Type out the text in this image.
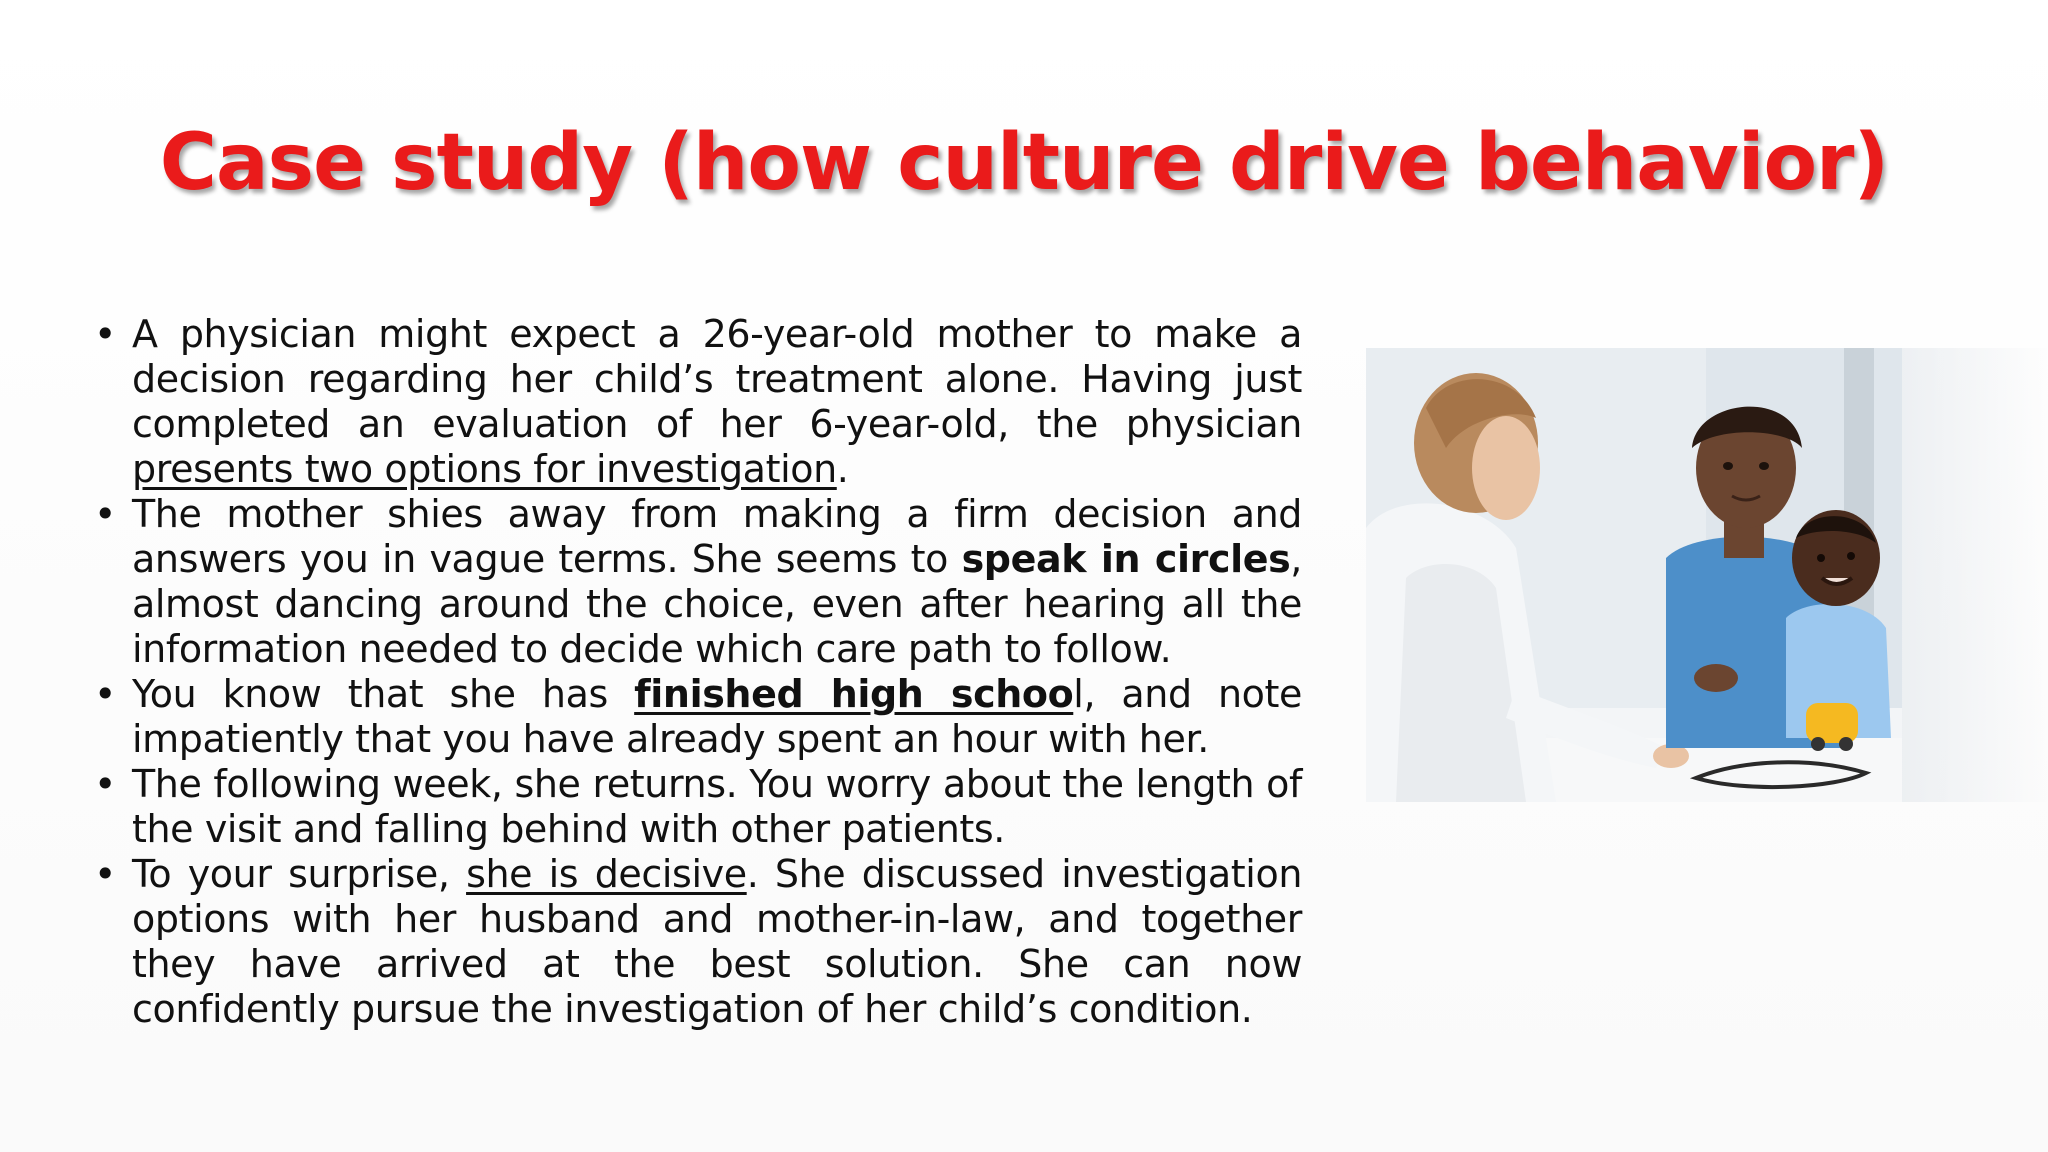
Case study (how culture drive behavior)
• A physician might expect a 26-year-old mother to make a decision regarding her child’s treatment alone. Having just completed an evaluation of her 6-year-old, the physician presents two options for investigation.
• The mother shies away from making a firm decision and answers you in vague terms. She seems to speak in circles, almost dancing around the choice, even after hearing all the information needed to decide which care path to follow.
• You know that she has finished high school, and note impatiently that you have already spent an hour with her.
• The following week, she returns. You worry about the length of the visit and falling behind with other patients.
• To your surprise, she is decisive. She discussed investigation options with her husband and mother-in-law, and together they have arrived at the best solution. She can now confidently pursue the investigation of her child’s condition.
